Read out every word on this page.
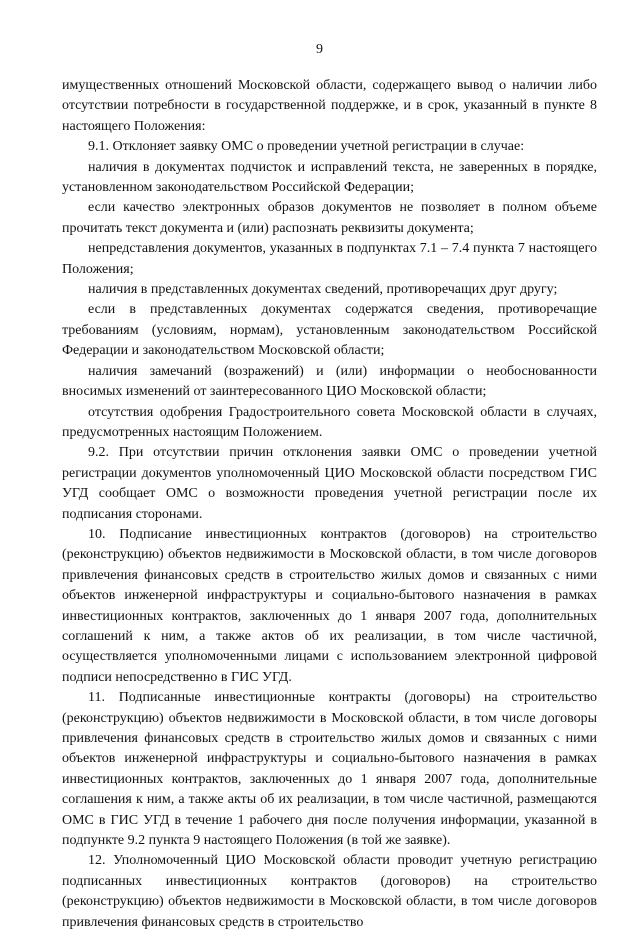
9

имущественных отношений Московской области, содержащего вывод о наличии либо отсутствии потребности в государственной поддержке, и в срок, указанный в пункте 8 настоящего Положения:

9.1. Отклоняет заявку ОМС о проведении учетной регистрации в случае:

наличия в документах подчисток и исправлений текста, не заверенных в порядке, установленном законодательством Российской Федерации;

если качество электронных образов документов не позволяет в полном объеме прочитать текст документа и (или) распознать реквизиты документа;

непредставления документов, указанных в подпунктах 7.1 – 7.4 пункта 7 настоящего Положения;

наличия в представленных документах сведений, противоречащих друг другу;

если в представленных документах содержатся сведения, противоречащие требованиям (условиям, нормам), установленным законодательством Российской Федерации и законодательством Московской области;

наличия замечаний (возражений) и (или) информации о необоснованности вносимых изменений от заинтересованного ЦИО Московской области;

отсутствия одобрения Градостроительного совета Московской области в случаях, предусмотренных настоящим Положением.

9.2. При отсутствии причин отклонения заявки ОМС о проведении учетной регистрации документов уполномоченный ЦИО Московской области посредством ГИС УГД сообщает ОМС о возможности проведения учетной регистрации после их подписания сторонами.

10. Подписание инвестиционных контрактов (договоров) на строительство (реконструкцию) объектов недвижимости в Московской области, в том числе договоров привлечения финансовых средств в строительство жилых домов и связанных с ними объектов инженерной инфраструктуры и социально-бытового назначения в рамках инвестиционных контрактов, заключенных до 1 января 2007 года, дополнительных соглашений к ним, а также актов об их реализации, в том числе частичной, осуществляется уполномоченными лицами с использованием электронной цифровой подписи непосредственно в ГИС УГД.

11. Подписанные инвестиционные контракты (договоры) на строительство (реконструкцию) объектов недвижимости в Московской области, в том числе договоры привлечения финансовых средств в строительство жилых домов и связанных с ними объектов инженерной инфраструктуры и социально-бытового назначения в рамках инвестиционных контрактов, заключенных до 1 января 2007 года, дополнительные соглашения к ним, а также акты об их реализации, в том числе частичной, размещаются ОМС в ГИС УГД в течение 1 рабочего дня после получения информации, указанной в подпункте 9.2 пункта 9 настоящего Положения (в той же заявке).

12. Уполномоченный ЦИО Московской области проводит учетную регистрацию подписанных инвестиционных контрактов (договоров) на строительство (реконструкцию) объектов недвижимости в Московской области, в том числе договоров привлечения финансовых средств в строительство
